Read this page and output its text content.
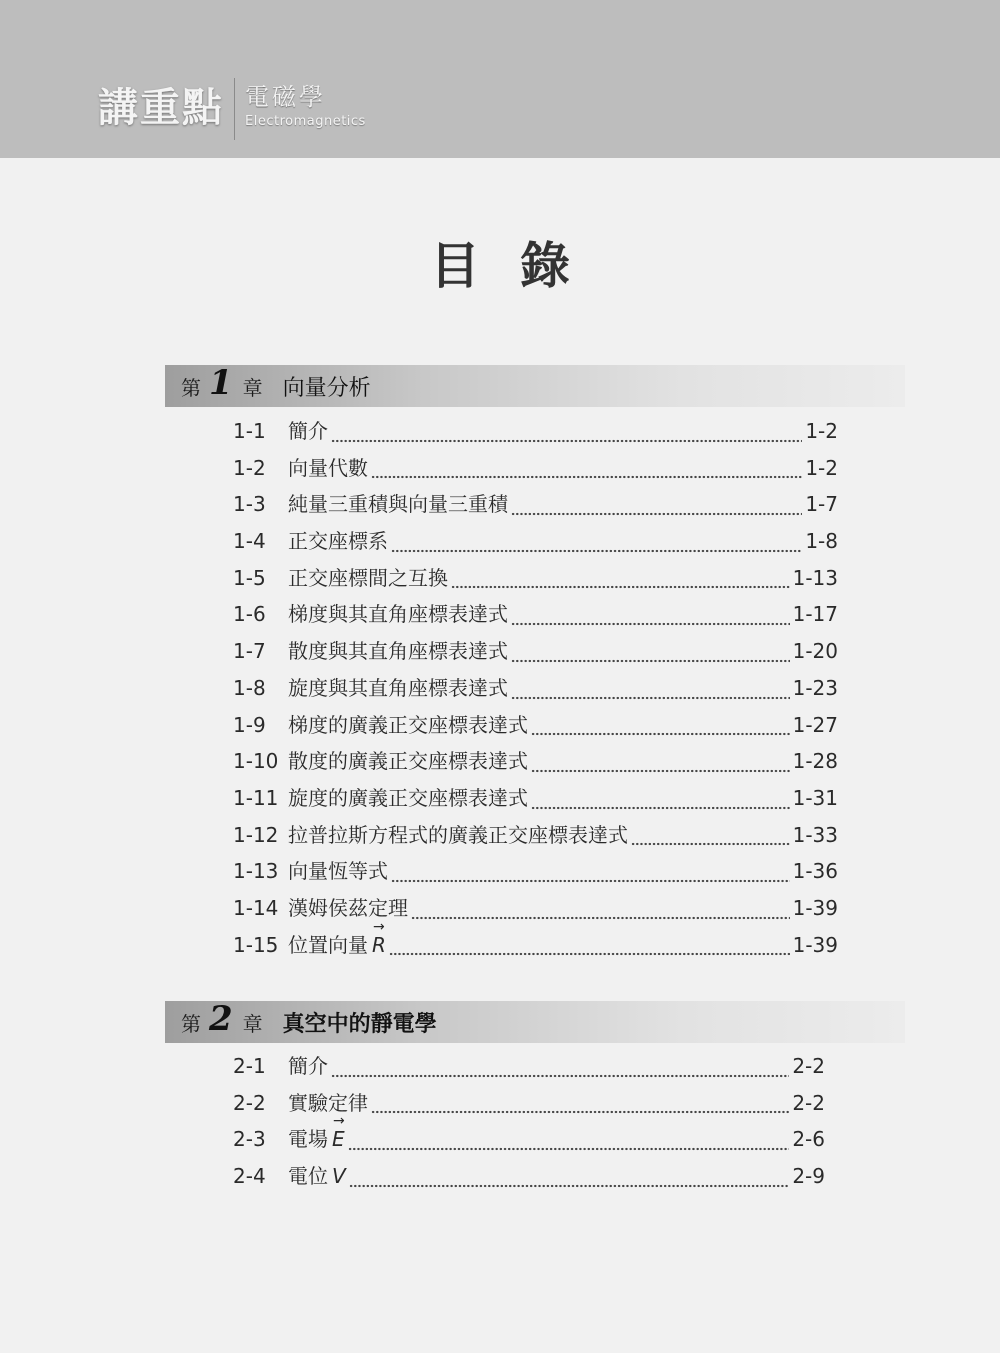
講重點 電磁學
Electromagnetics
目錄
第 1 章 向量分析
1-1	簡介	1-2
1-2	向量代數	1-2
1-3	純量三重積與向量三重積	1-7
1-4	正交座標系	1-8
1-5	正交座標間之互換	1-13
1-6	梯度與其直角座標表達式	1-17
1-7	散度與其直角座標表達式	1-20
1-8	旋度與其直角座標表達式	1-23
1-9	梯度的廣義正交座標表達式	1-27
1-10 散度的廣義正交座標表達式	1-28
1-11 旋度的廣義正交座標表達式	1-31
1-12 拉普拉斯方程式的廣義正交座標表達式	1-33
1-13 向量恆等式	1-36
1-14 漢姆侯茲定理	1-39
1-15 位置向量 → R	1-39
第 2 章 真空中的靜電學
2-1	簡介	2-2
2-2	實驗定律	2-2
2-3	電場 → E	2-6
2-4	電位 V	2-9
